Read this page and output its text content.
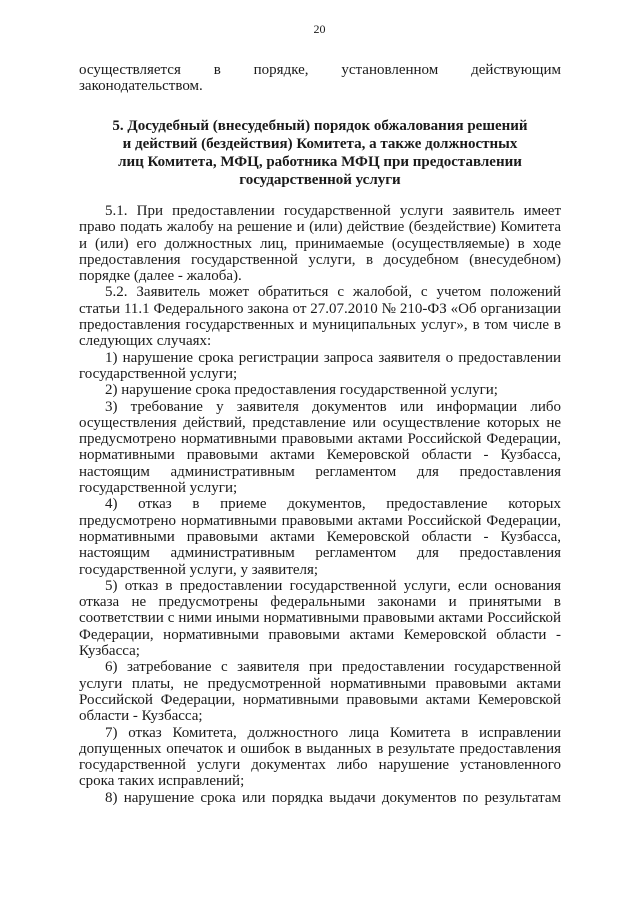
20
осуществляется в порядке, установленном действующим
законодательством.
5. Досудебный (внесудебный) порядок обжалования решений
и действий (бездействия) Комитета, а также должностных
лиц Комитета, МФЦ, работника МФЦ при предоставлении
государственной услуги
5.1. При предоставлении государственной услуги заявитель имеет
право подать жалобу на решение и (или) действие (бездействие) Комитета
и (или) его должностных лиц, принимаемые (осуществляемые) в ходе
предоставления государственной услуги, в досудебном (внесудебном)
порядке (далее - жалоба).
5.2. Заявитель может обратиться с жалобой, с учетом положений
статьи 11.1 Федерального закона от 27.07.2010 № 210-ФЗ «Об организации
предоставления государственных и муниципальных услуг», в том числе в
следующих случаях:
1) нарушение срока регистрации запроса заявителя о предоставлении
государственной услуги;
2) нарушение срока предоставления государственной услуги;
3) требование у заявителя документов или информации либо
осуществления действий, представление или осуществление которых не
предусмотрено нормативными правовыми актами Российской Федерации,
нормативными правовыми актами Кемеровской области - Кузбасса,
настоящим административным регламентом для предоставления
государственной услуги;
4) отказ в приеме документов, предоставление которых
предусмотрено нормативными правовыми актами Российской Федерации,
нормативными правовыми актами Кемеровской области - Кузбасса,
настоящим административным регламентом для предоставления
государственной услуги, у заявителя;
5) отказ в предоставлении государственной услуги, если основания
отказа не предусмотрены федеральными законами и принятыми в
соответствии с ними иными нормативными правовыми актами Российской
Федерации, нормативными правовыми актами Кемеровской области -
Кузбасса;
6) затребование с заявителя при предоставлении государственной
услуги платы, не предусмотренной нормативными правовыми актами
Российской Федерации, нормативными правовыми актами Кемеровской
области - Кузбасса;
7) отказ Комитета, должностного лица Комитета в исправлении
допущенных опечаток и ошибок в выданных в результате предоставления
государственной услуги документах либо нарушение установленного
срока таких исправлений;
8) нарушение срока или порядка выдачи документов по результатам
